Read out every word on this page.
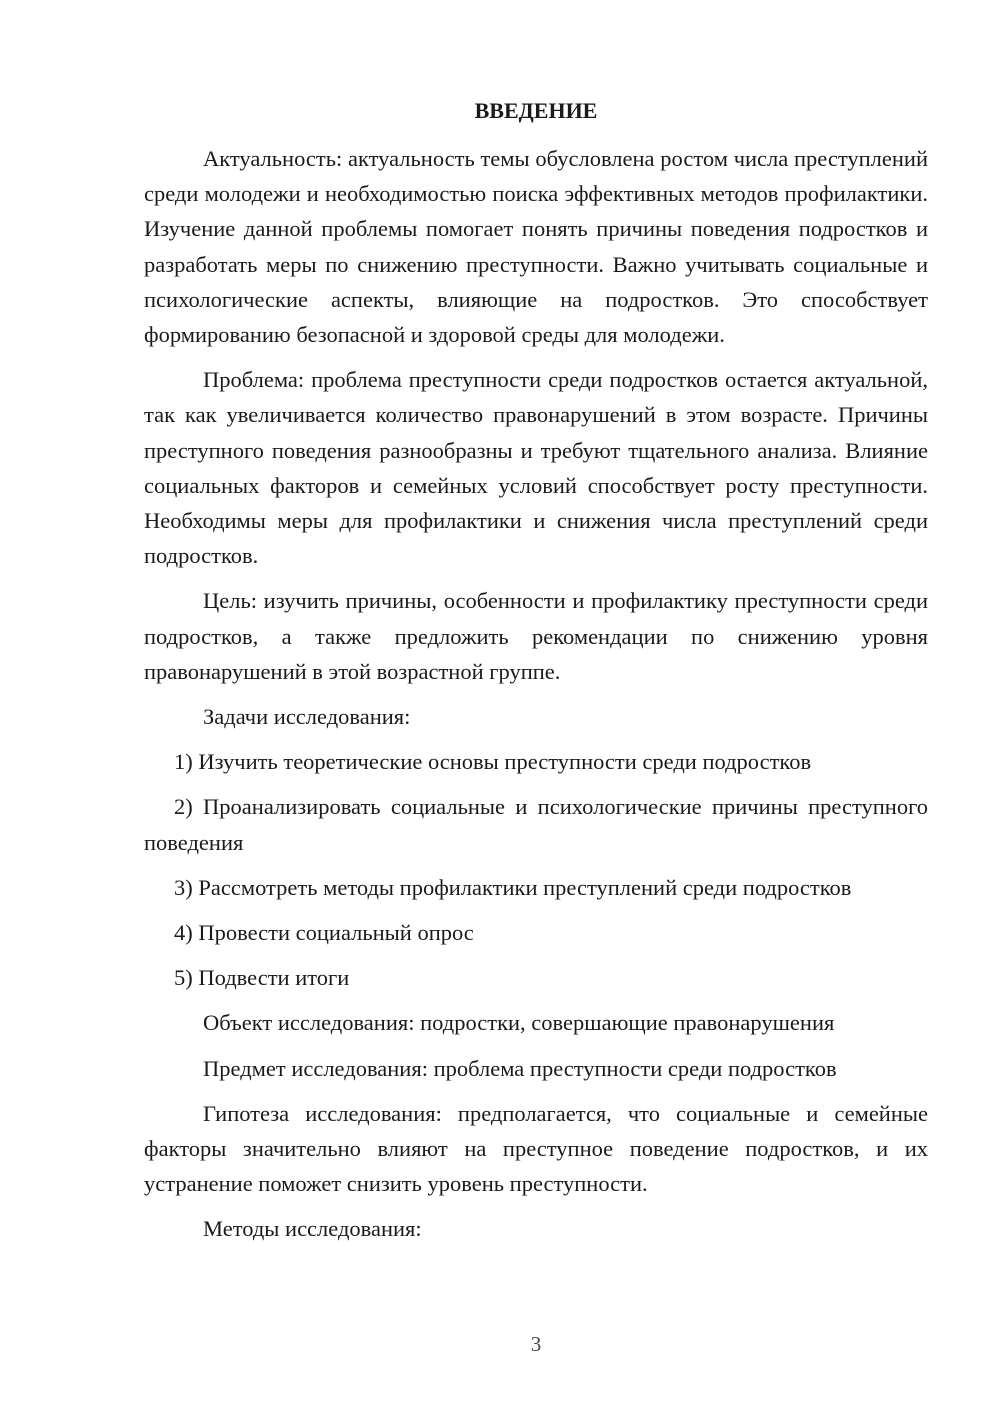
ВВЕДЕНИЕ

Актуальность: актуальность темы обусловлена ростом числа преступлений среди молодежи и необходимостью поиска эффективных методов профилактики. Изучение данной проблемы помогает понять причины поведения подростков и разработать меры по снижению преступности. Важно учитывать социальные и психологические аспекты, влияющие на подростков. Это способствует формированию безопасной и здоровой среды для молодежи.

Проблема: проблема преступности среди подростков остается актуальной, так как увеличивается количество правонарушений в этом возрасте. Причины преступного поведения разнообразны и требуют тщательного анализа. Влияние социальных факторов и семейных условий способствует росту преступности. Необходимы меры для профилактики и снижения числа преступлений среди подростков.

Цель: изучить причины, особенности и профилактику преступности среди подростков, а также предложить рекомендации по снижению уровня правонарушений в этой возрастной группе.

Задачи исследования:

1) Изучить теоретические основы преступности среди подростков

2) Проанализировать социальные и психологические причины преступного поведения

3) Рассмотреть методы профилактики преступлений среди подростков

4) Провести социальный опрос

5) Подвести итоги

Объект исследования: подростки, совершающие правонарушения

Предмет исследования: проблема преступности среди подростков

Гипотеза исследования: предполагается, что социальные и семейные факторы значительно влияют на преступное поведение подростков, и их устранение поможет снизить уровень преступности.

Методы исследования:

3
